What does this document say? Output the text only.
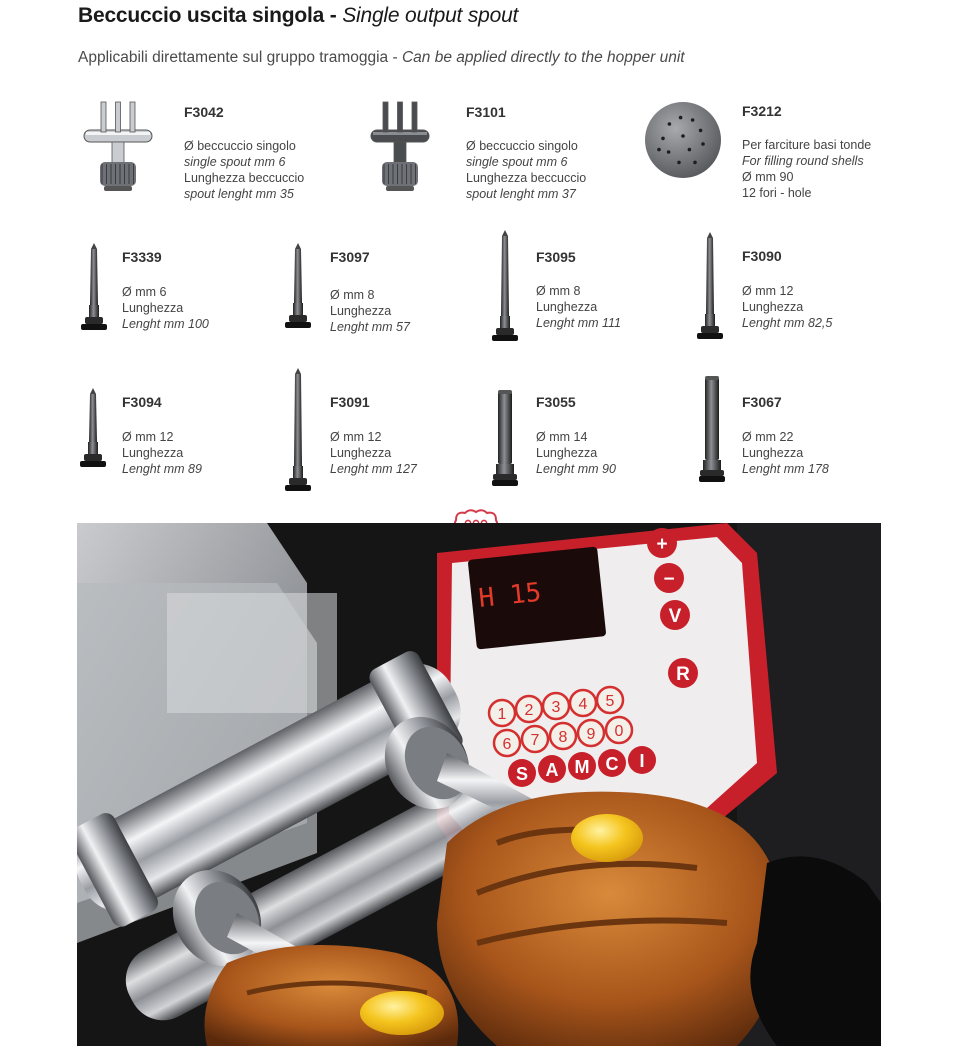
Beccuccio uscita singola - Single output spout
Applicabili direttamente sul gruppo tramoggia - Can be applied directly to the hopper unit
F3042
Ø beccuccio singolo
single spout mm 6
Lunghezza beccuccio
spout lenght mm 35
F3101
Ø beccuccio singolo
single spout mm 6
Lunghezza beccuccio
spout lenght mm 37
F3212
Per farciture basi tonde
For filling round shells
Ø mm 90
12 fori - hole
F3339
Ø mm 6
Lunghezza
Lenght mm 100
F3097
Ø mm 8
Lunghezza
Lenght mm 57
F3095
Ø mm 8
Lunghezza
Lenght mm 111
F3090
Ø mm 12
Lunghezza
Lenght mm 82,5
F3094
Ø mm 12
Lunghezza
Lenght mm 89
F3091
Ø mm 12
Lunghezza
Lenght mm 127
F3055
Ø mm 14
Lunghezza
Lenght mm 90
F3067
Ø mm 22
Lunghezza
Lenght mm 178
H 15
1 2 3 4 5
6 7 8 9 0
S A M C I
+
−
V
R
